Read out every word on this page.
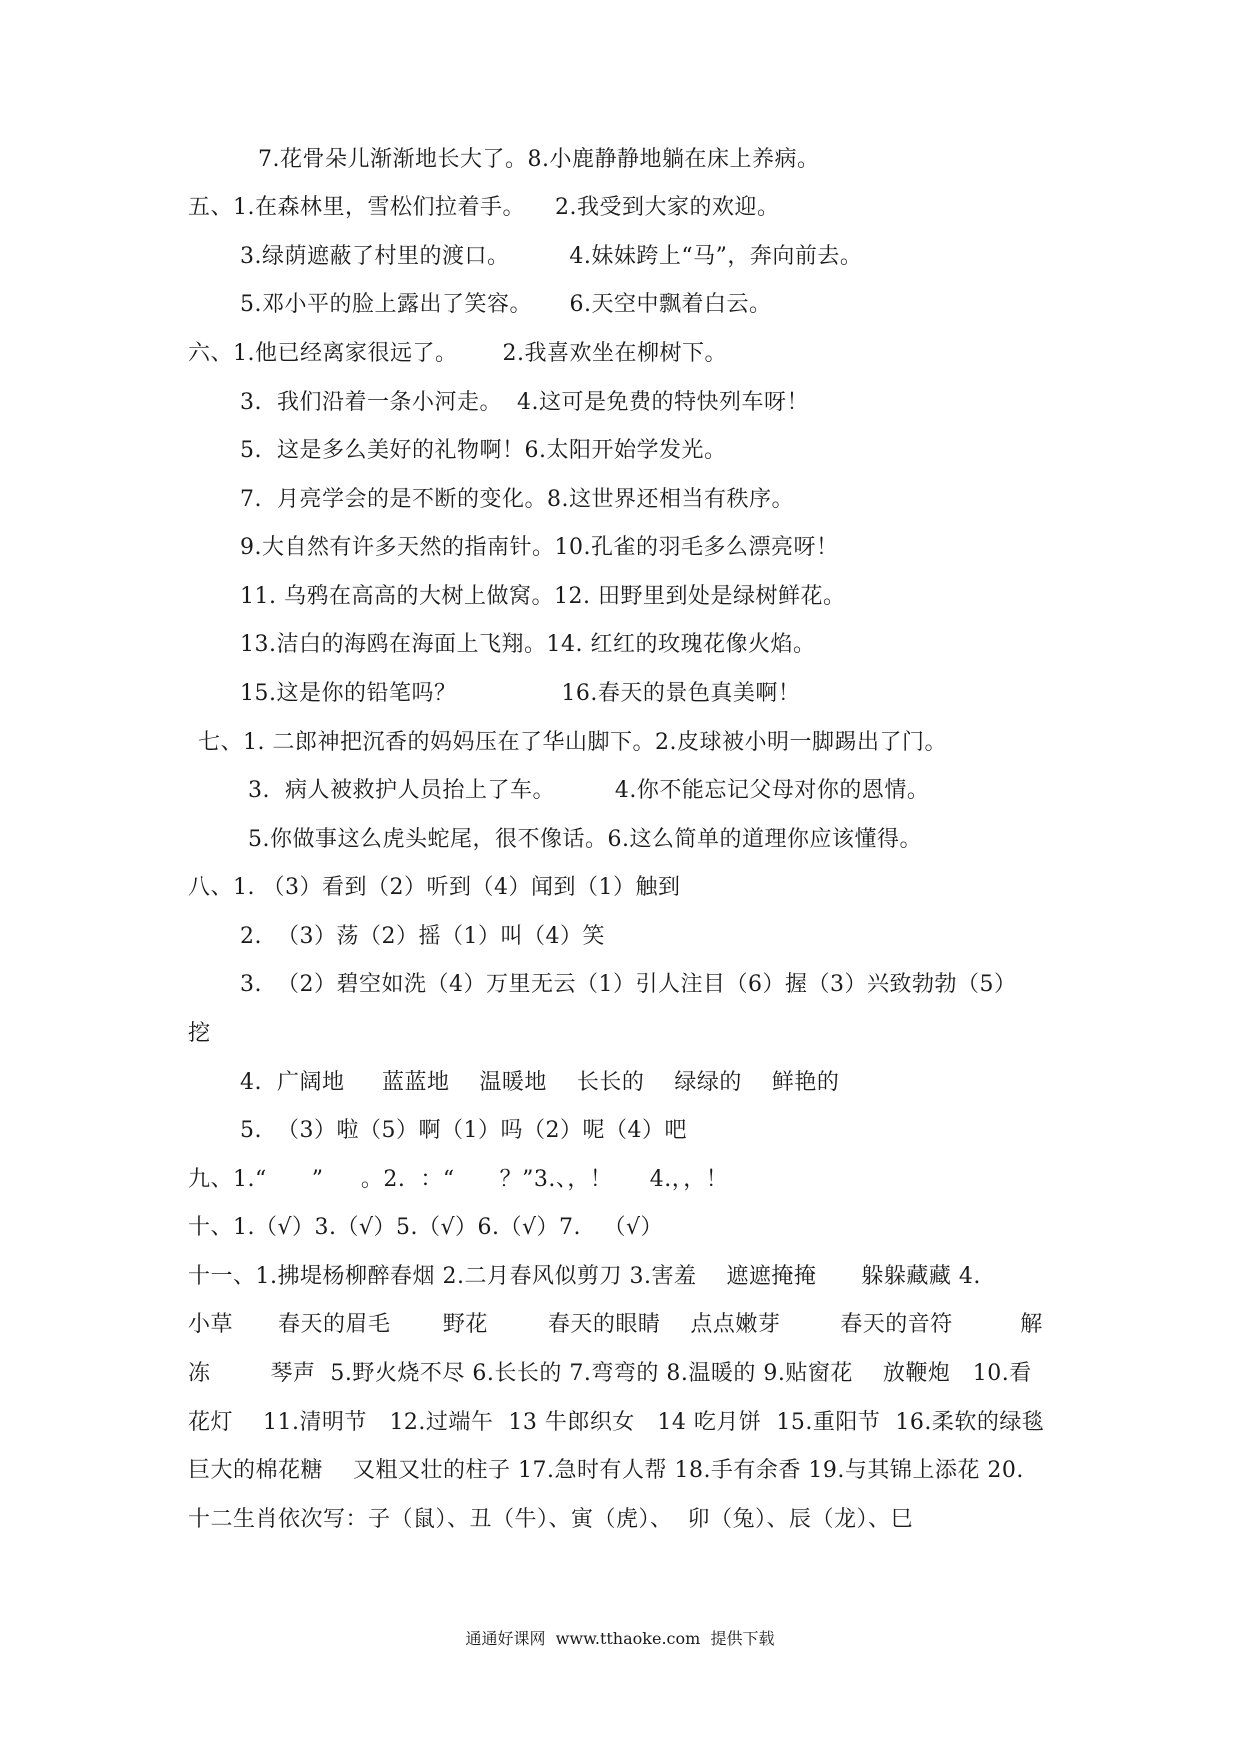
7.花骨朵儿渐渐地长大了。8.小鹿静静地躺在床上养病。
五、1.在森林里，雪松们拉着手。    2.我受到大家的欢迎。
3.绿荫遮蔽了村里的渡口。        4.妹妹跨上“马”，奔向前去。
5.邓小平的脸上露出了笑容。     6.天空中飘着白云。
六、1.他已经离家很远了。      2.我喜欢坐在柳树下。
3.  我们沿着一条小河走。  4.这可是免费的特快列车呀！
5.  这是多么美好的礼物啊！6.太阳开始学发光。
7.  月亮学会的是不断的变化。8.这世界还相当有秩序。
9.大自然有许多天然的指南针。10.孔雀的羽毛多么漂亮呀！
11. 乌鸦在高高的大树上做窝。12. 田野里到处是绿树鲜花。
13.洁白的海鸥在海面上飞翔。14. 红红的玫瑰花像火焰。
15.这是你的铅笔吗？              16.春天的景色真美啊！
七、1. 二郎神把沉香的妈妈压在了华山脚下。2.皮球被小明一脚踢出了门。
3.  病人被救护人员抬上了车。        4.你不能忘记父母对你的恩情。
5.你做事这么虎头蛇尾，很不像话。6.这么简单的道理你应该懂得。
八、1. （3）看到（2）听到（4）闻到（1）触到
2.  （3）荡（2）摇（1）叫（4）笑
3.  （2）碧空如洗（4）万里无云（1）引人注目（6）握（3）兴致勃勃（5）
挖
4.  广阔地     蓝蓝地    温暖地    长长的    绿绿的    鲜艳的
5.  （3）啦（5）啊（1）吗（2）呢（4）吧
九、1.“      ”     。2.  ：“      ？”3.、，！     4.，，！
十、1.（√）3.（√）5.（√）6.（√）7.   （√）
十一、1.拂堤杨柳醉春烟 2.二月春风似剪刀 3.害羞    遮遮掩掩      躲躲藏藏 4.
小草      春天的眉毛       野花        春天的眼睛    点点嫩芽        春天的音符         解
冻        琴声  5.野火烧不尽 6.长长的 7.弯弯的 8.温暖的 9.贴窗花    放鞭炮   10.看
花灯    11.清明节   12.过端午  13 牛郎织女   14 吃月饼  15.重阳节  16.柔软的绿毯
巨大的棉花糖    又粗又壮的柱子 17.急时有人帮 18.手有余香 19.与其锦上添花 20.
十二生肖依次写：子（鼠）、丑（牛）、寅（虎）、  卯（兔）、辰（龙）、巳
通通好课网  www.tthaoke.com  提供下载
